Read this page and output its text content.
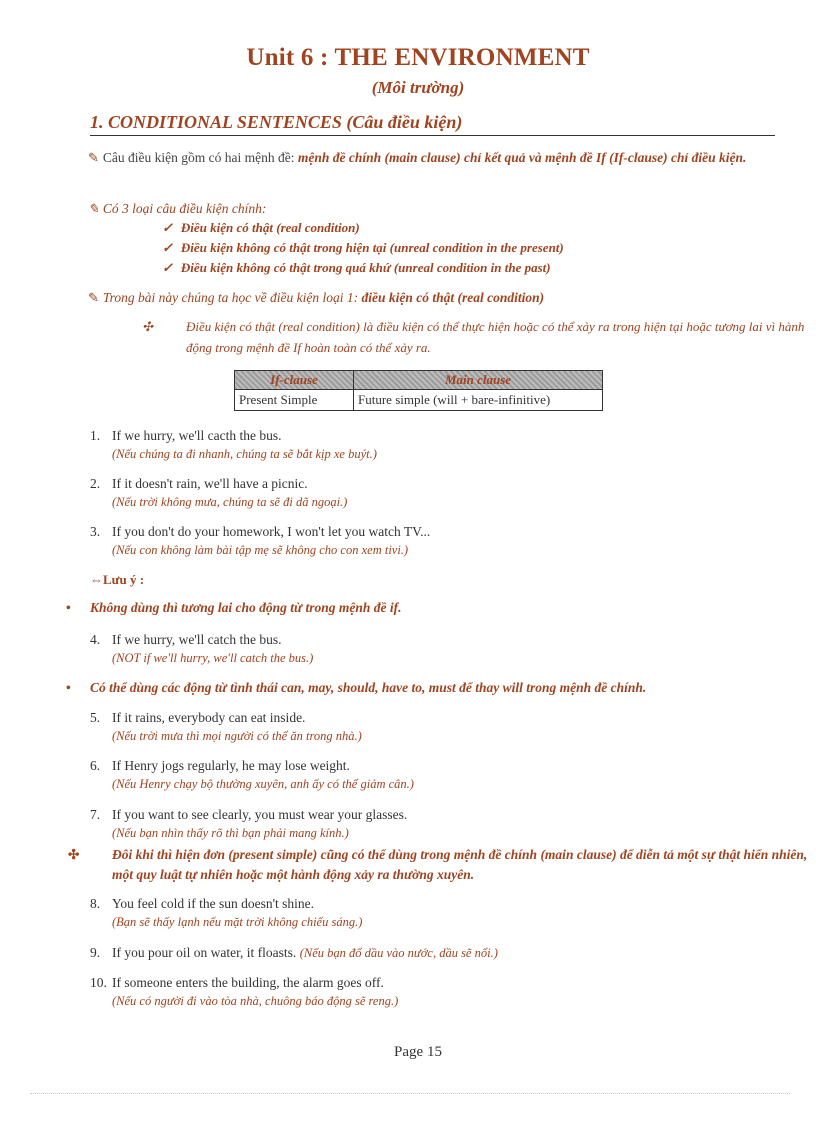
Unit 6 : THE ENVIRONMENT
(Môi trường)
1. CONDITIONAL SENTENCES (Câu điều kiện)
✎ Câu điều kiện gồm có hai mệnh đề: mệnh đề chính (main clause) chỉ kết quả và mệnh đề If (If-clause) chỉ điều kiện.
✎ Có 3 loại câu điều kiện chính:
✓ Điều kiện có thật (real condition)
✓ Điều kiện không có thật trong hiện tại (unreal condition in the present)
✓ Điều kiện không có thật trong quá khứ (unreal condition in the past)
✎ Trong bài này chúng ta học về điều kiện loại 1: điều kiện có thật (real condition)
✣	Điều kiện có thật (real condition) là điều kiện có thể thực hiện hoặc có thể xảy ra trong hiện tại hoặc tương lai vì hành động trong mệnh đề If hoàn toàn có thể xảy ra.
If-clause	Main clause
Present Simple	Future simple (will + bare-infinitive)
1. If we hurry, we'll cacth the bus.
(Nếu chúng ta đi nhanh, chúng ta sẽ bắt kịp xe buýt.)
2. If it doesn't rain, we'll have a picnic.
(Nếu trời không mưa, chúng ta sẽ đi dã ngoại.)
3. If you don't do your homework, I won't let you watch TV...
(Nếu con không làm bài tập mẹ sẽ không cho con xem tivi.)
⇔Lưu ý :
• Không dùng thì tương lai cho động từ trong mệnh đề if.
4. If we hurry, we'll catch the bus.
(NOT if we'll hurry, we'll catch the bus.)
• Có thể dùng các động từ tình thái can, may, should, have to, must để thay will trong mệnh đề chính.
5. If it rains, everybody can eat inside.
(Nếu trời mưa thì mọi người có thể ăn trong nhà.)
6. If Henry jogs regularly, he may lose weight.
(Nếu Henry chạy bộ thường xuyên, anh ấy có thể giảm cân.)
7. If you want to see clearly, you must wear your glasses.
(Nếu bạn nhìn thấy rõ thì bạn phải mang kính.)
✣ Đôi khi thì hiện đơn (present simple) cũng có thể dùng trong mệnh đề chính (main clause) để diễn tả một sự thật hiển nhiên, một quy luật tự nhiên hoặc một hành động xảy ra thường xuyên.
8. You feel cold if the sun doesn't shine.
(Bạn sẽ thấy lạnh nếu mặt trời không chiếu sáng.)
9. If you pour oil on water, it floasts. (Nếu bạn đổ dầu vào nước, dầu sẽ nổi.)
10. If someone enters the building, the alarm goes off.
(Nếu có người đi vào tòa nhà, chuông báo động sẽ reng.)
Page 15
